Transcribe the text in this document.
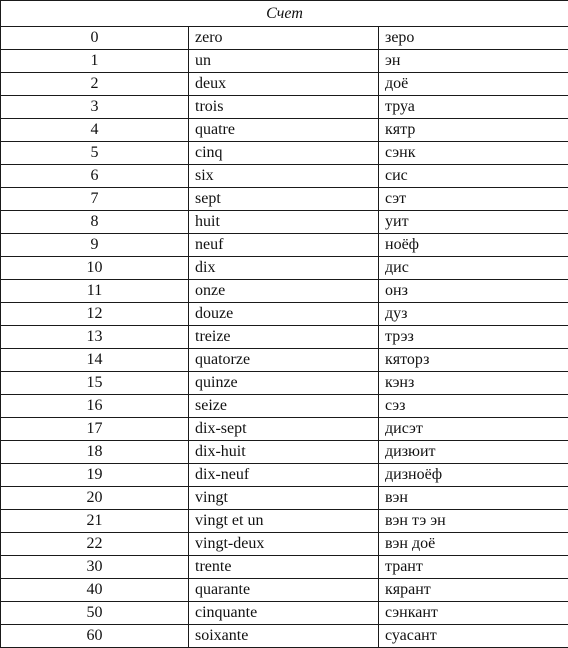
Счет		
0	zero	зеро
1	un	эн
2	deux	доё
3	trois	труа
4	quatre	кятр
5	cinq	сэнк
6	six	сис
7	sept	сэт
8	huit	уит
9	neuf	ноёф
10	dix	дис
11	onze	онз
12	douze	дуз
13	treize	трэз
14	quatorze	кяторз
15	quinze	кэнз
16	seize	сэз
17	dix-sept	дисэт
18	dix-huit	дизюит
19	dix-neuf	дизноёф
20	vingt	вэн
21	vingt et un	вэн тэ эн
22	vingt-deux	вэн доё
30	trente	трант
40	quarante	кярант
50	cinquante	сэнкант
60	soixante	суасант
